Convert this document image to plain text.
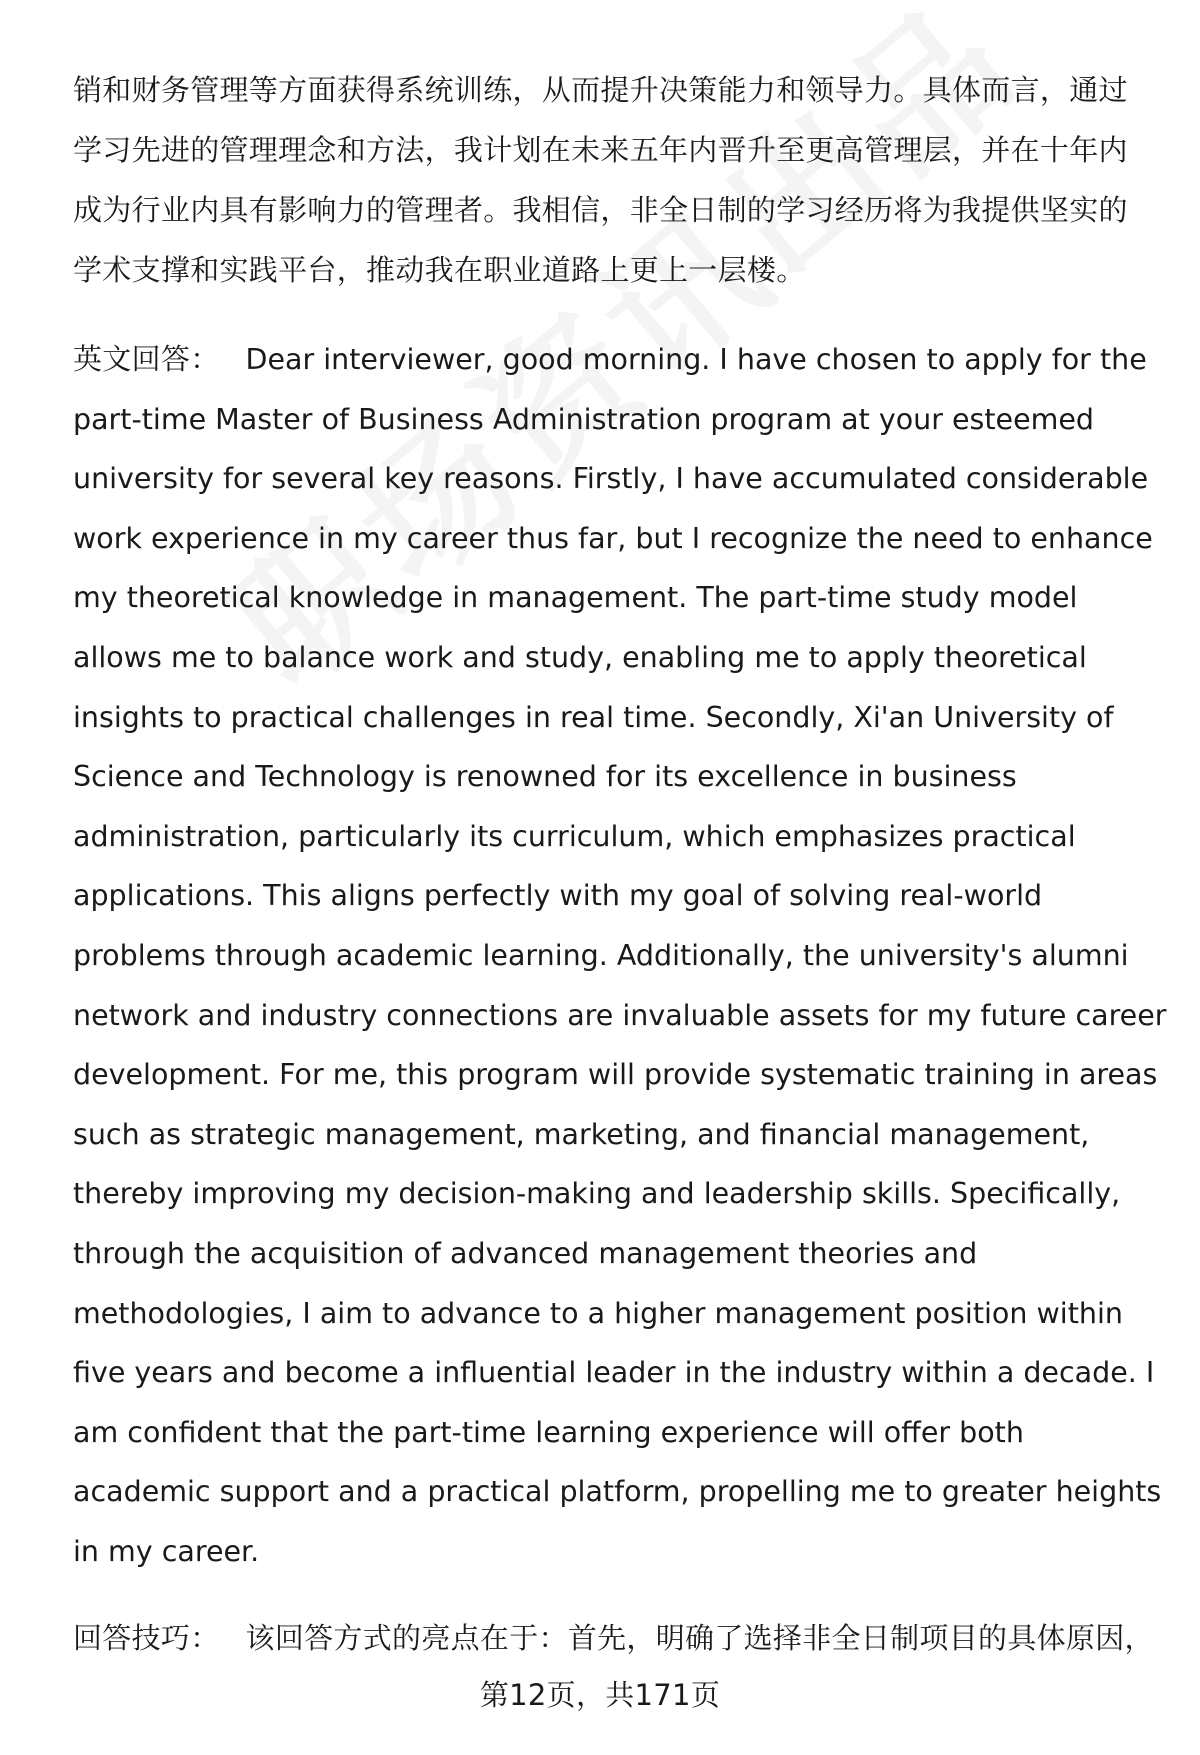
销和财务管理等方面获得系统训练，从而提升决策能力和领导力。具体而言，通过
学习先进的管理理念和方法，我计划在未来五年内晋升至更高管理层，并在十年内
成为行业内具有影响力的管理者。我相信，非全日制的学习经历将为我提供坚实的
学术支撑和实践平台，推动我在职业道路上更上一层楼。
英文回答： Dear interviewer, good morning. I have chosen to apply for the
part-time Master of Business Administration program at your esteemed
university for several key reasons. Firstly, I have accumulated considerable
work experience in my career thus far, but I recognize the need to enhance
my theoretical knowledge in management. The part-time study model
allows me to balance work and study, enabling me to apply theoretical
insights to practical challenges in real time. Secondly, Xi'an University of
Science and Technology is renowned for its excellence in business
administration, particularly its curriculum, which emphasizes practical
applications. This aligns perfectly with my goal of solving real-world
problems through academic learning. Additionally, the university's alumni
network and industry connections are invaluable assets for my future career
development. For me, this program will provide systematic training in areas
such as strategic management, marketing, and financial management,
thereby improving my decision-making and leadership skills. Specifically,
through the acquisition of advanced management theories and
methodologies, I aim to advance to a higher management position within
five years and become a influential leader in the industry within a decade. I
am confident that the part-time learning experience will offer both
academic support and a practical platform, propelling me to greater heights
in my career.
回答技巧： 该回答方式的亮点在于：首先，明确了选择非全日制项目的具体原因，
第12页，共171页
